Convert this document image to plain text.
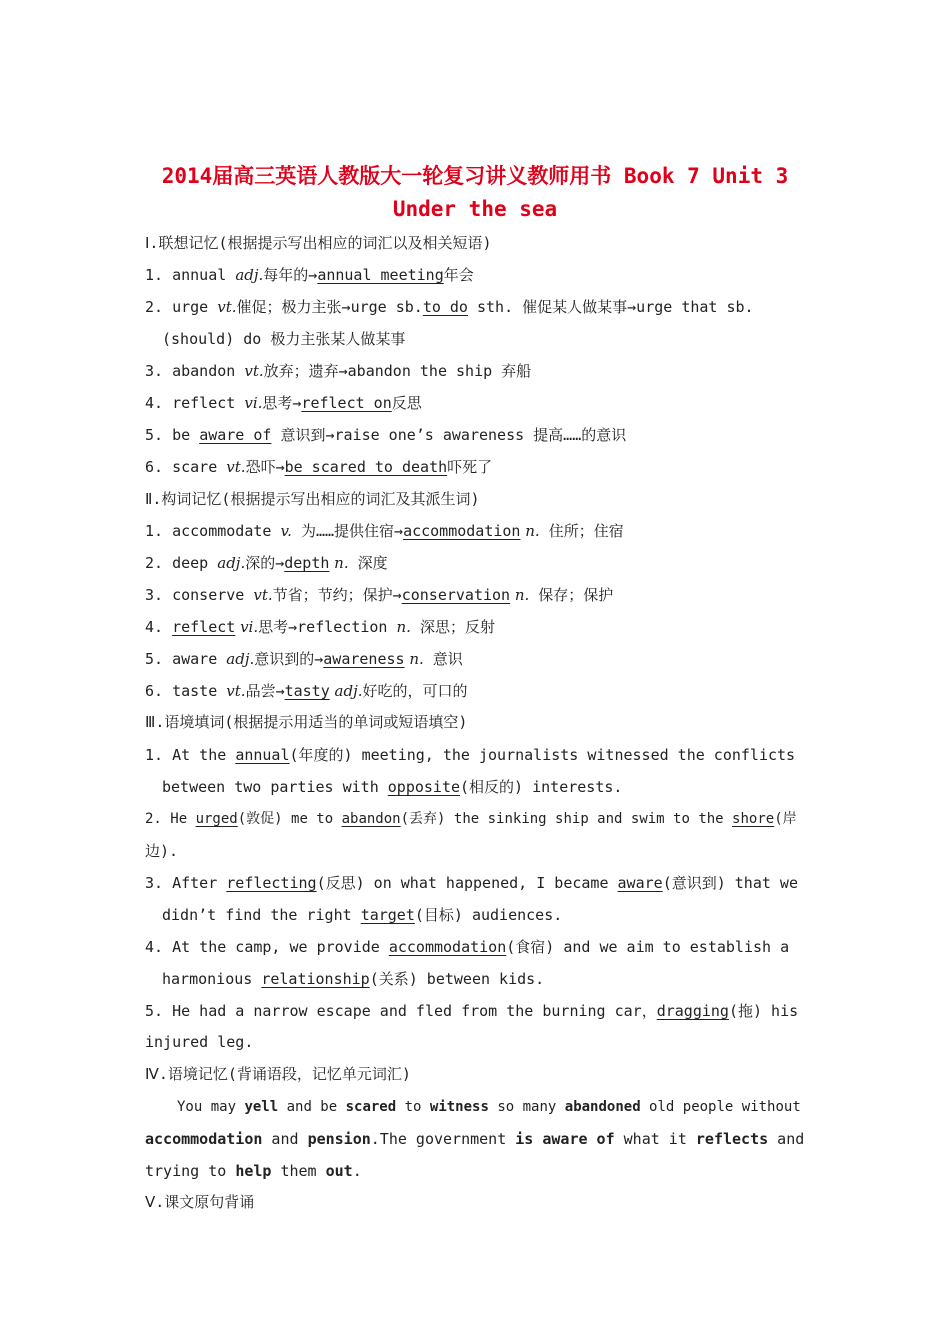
2014届高三英语人教版大一轮复习讲义教师用书 Book 7 Unit 3
Under the sea
Ⅰ.联想记忆(根据提示写出相应的词汇以及相关短语)
1. annual adj.每年的→annual meeting年会
2. urge vt.催促；极力主张→urge sb.to do sth. 催促某人做某事→urge that sb.
(should) do 极力主张某人做某事
3. abandon vt.放弃；遗弃→abandon the ship 弃船
4. reflect vi.思考→reflect on反思
5. be aware of 意识到→raise one’s awareness 提高……的意识
6. scare vt.恐吓→be scared to death吓死了
Ⅱ.构词记忆(根据提示写出相应的词汇及其派生词)
1. accommodate v. 为……提供住宿→accommodation n. 住所；住宿
2. deep adj.深的→depth n. 深度
3. conserve vt.节省；节约；保护→conservation n. 保存；保护
4. reflect vi.思考→reflection n. 深思；反射
5. aware adj.意识到的→awareness n. 意识
6. taste vt.品尝→tasty adj.好吃的，可口的
Ⅲ.语境填词(根据提示用适当的单词或短语填空)
1. At the annual(年度的) meeting, the journalists witnessed the conflicts
between two parties with opposite(相反的) interests.
2. He urged(敦促) me to abandon(丢弃) the sinking ship and swim to the shore(岸
边).
3. After reflecting(反思) on what happened, I became aware(意识到) that we
didn’t find the right target(目标) audiences.
4. At the camp, we provide accommodation(食宿) and we aim to establish a
harmonious relationship(关系) between kids.
5. He had a narrow escape and fled from the burning car，dragging(拖) his
injured leg.
Ⅳ.语境记忆(背诵语段，记忆单元词汇)
You may yell and be scared to witness so many abandoned old people without
accommodation and pension.The government is aware of what it reflects and
trying to help them out.
Ⅴ.课文原句背诵
